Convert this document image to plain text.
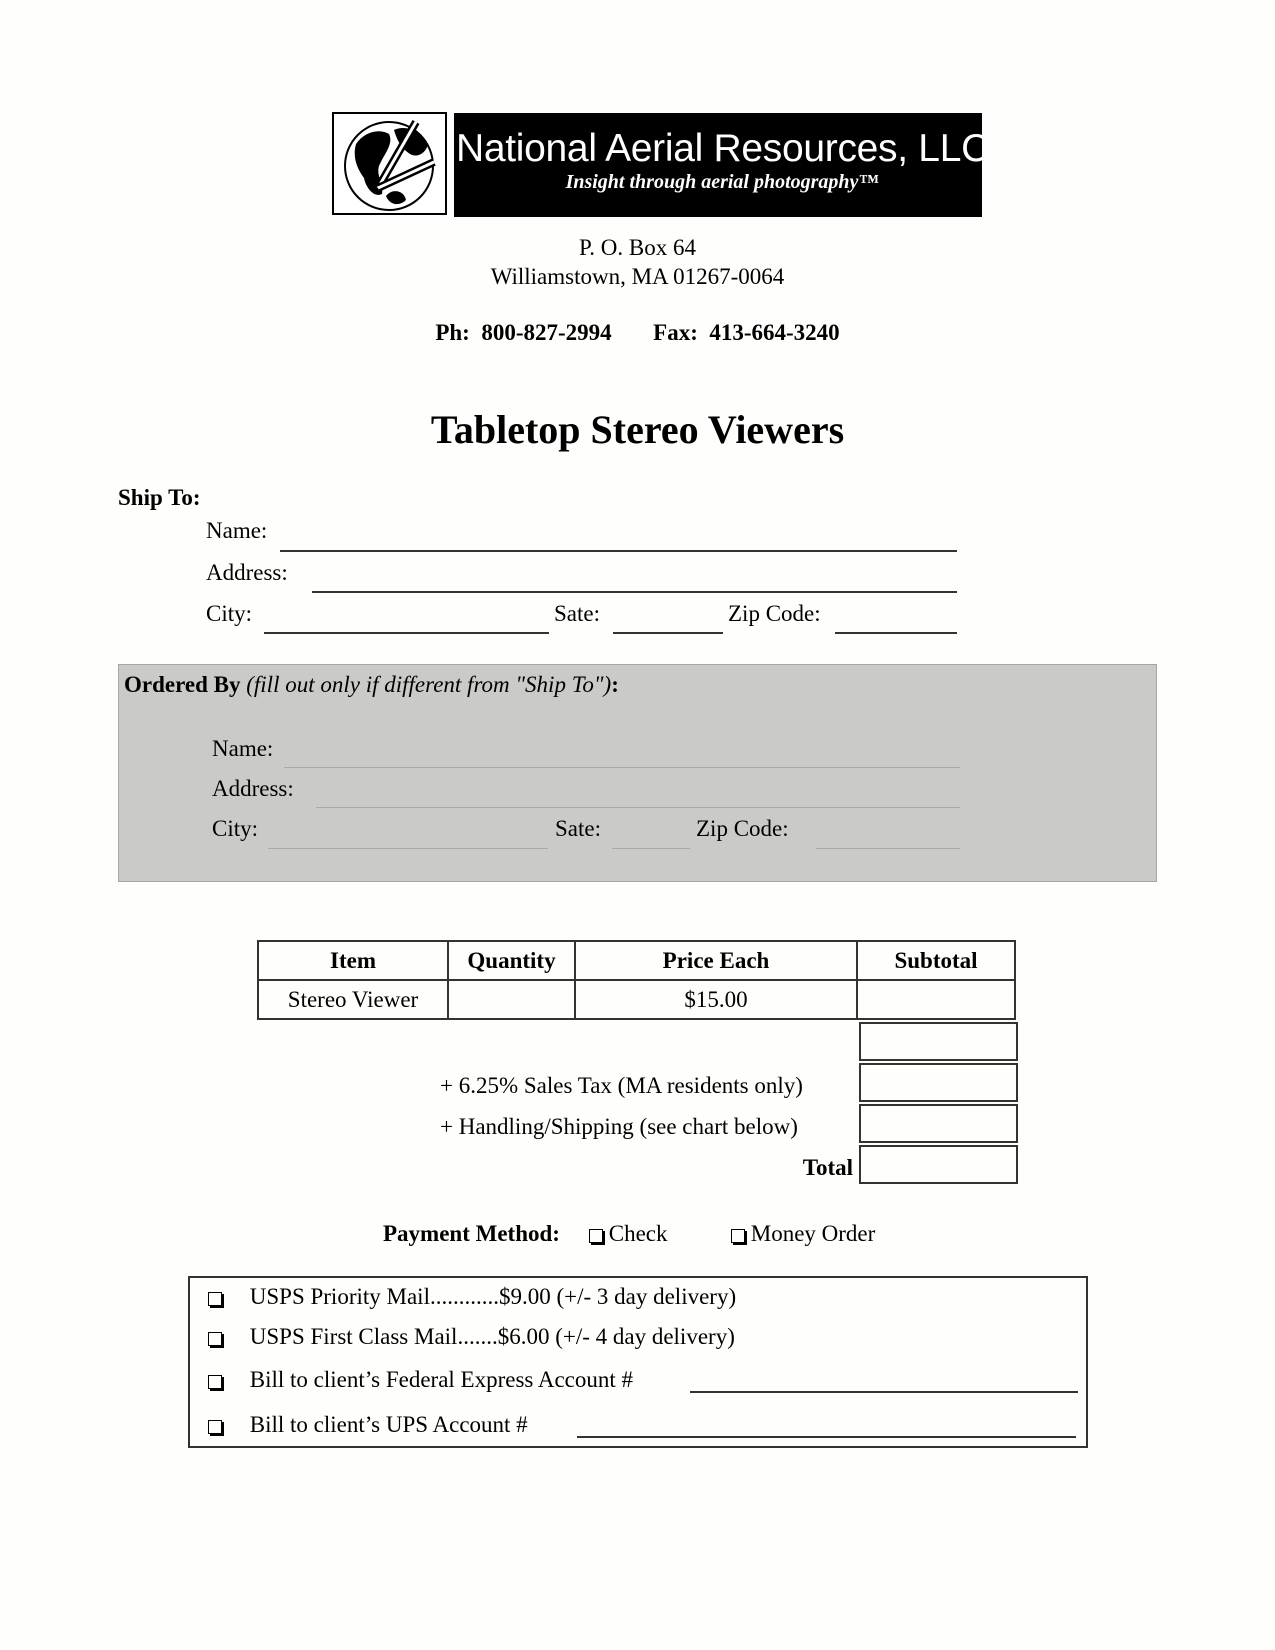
National Aerial Resources, LLC
Insight through aerial photography™
P. O. Box 64
Williamstown, MA 01267-0064
Ph: 800-827-2994 Fax: 413-664-3240
Tabletop Stereo Viewers
Ship To:
Name:
Address:
City:	Sate:	Zip Code:
Ordered By (fill out only if different from "Ship To"):
Name:
Address:
City:	Sate:	Zip Code:
Item	Quantity	Price Each	Subtotal
Stereo Viewer		$15.00	
+ 6.25% Sales Tax (MA residents only)
+ Handling/Shipping (see chart below)
Total
Payment Method:	Check	Money Order
USPS Priority Mail............$9.00 (+/- 3 day delivery)
USPS First Class Mail.......$6.00 (+/- 4 day delivery)
Bill to client’s Federal Express Account #
Bill to client’s UPS Account #
